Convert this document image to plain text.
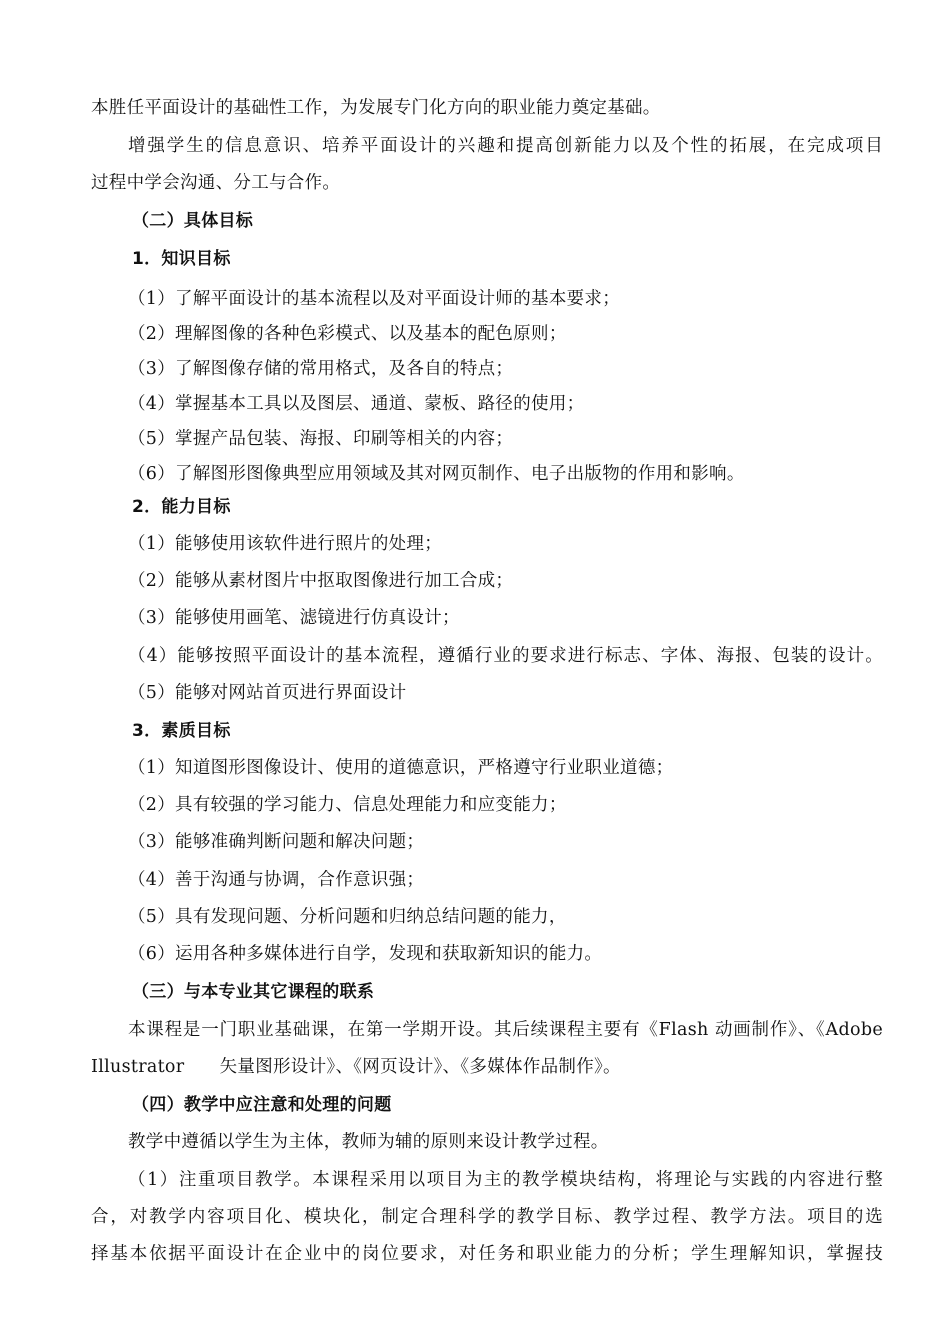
本胜任平面设计的基础性工作，为发展专门化方向的职业能力奠定基础。
增强学生的信息意识、培养平面设计的兴趣和提高创新能力以及个性的拓展，在完成项目
过程中学会沟通、分工与合作。
（二）具体目标
1．知识目标
（1）了解平面设计的基本流程以及对平面设计师的基本要求；
（2）理解图像的各种色彩模式、以及基本的配色原则；
（3）了解图像存储的常用格式，及各自的特点；
（4）掌握基本工具以及图层、通道、蒙板、路径的使用；
（5）掌握产品包装、海报、印刷等相关的内容；
（6）了解图形图像典型应用领域及其对网页制作、电子出版物的作用和影响。
2．能力目标
（1）能够使用该软件进行照片的处理；
（2）能够从素材图片中抠取图像进行加工合成；
（3）能够使用画笔、滤镜进行仿真设计；
（4）能够按照平面设计的基本流程，遵循行业的要求进行标志、字体、海报、包装的设计。
（5）能够对网站首页进行界面设计
3．素质目标
（1）知道图形图像设计、使用的道德意识，严格遵守行业职业道德；
（2）具有较强的学习能力、信息处理能力和应变能力；
（3）能够准确判断问题和解决问题；
（4）善于沟通与协调，合作意识强；
（5）具有发现问题、分析问题和归纳总结问题的能力，
（6）运用各种多媒体进行自学，发现和获取新知识的能力。
（三）与本专业其它课程的联系
本课程是一门职业基础课，在第一学期开设。其后续课程主要有《Flash 动画制作》、《Adobe
Illustrator      矢量图形设计》、《网页设计》、《多媒体作品制作》。
（四）教学中应注意和处理的问题
教学中遵循以学生为主体，教师为辅的原则来设计教学过程。
（1）注重项目教学。本课程采用以项目为主的教学模块结构，将理论与实践的内容进行整
合，对教学内容项目化、模块化，制定合理科学的教学目标、教学过程、教学方法。项目的选
择基本依据平面设计在企业中的岗位要求，对任务和职业能力的分析；学生理解知识，掌握技
